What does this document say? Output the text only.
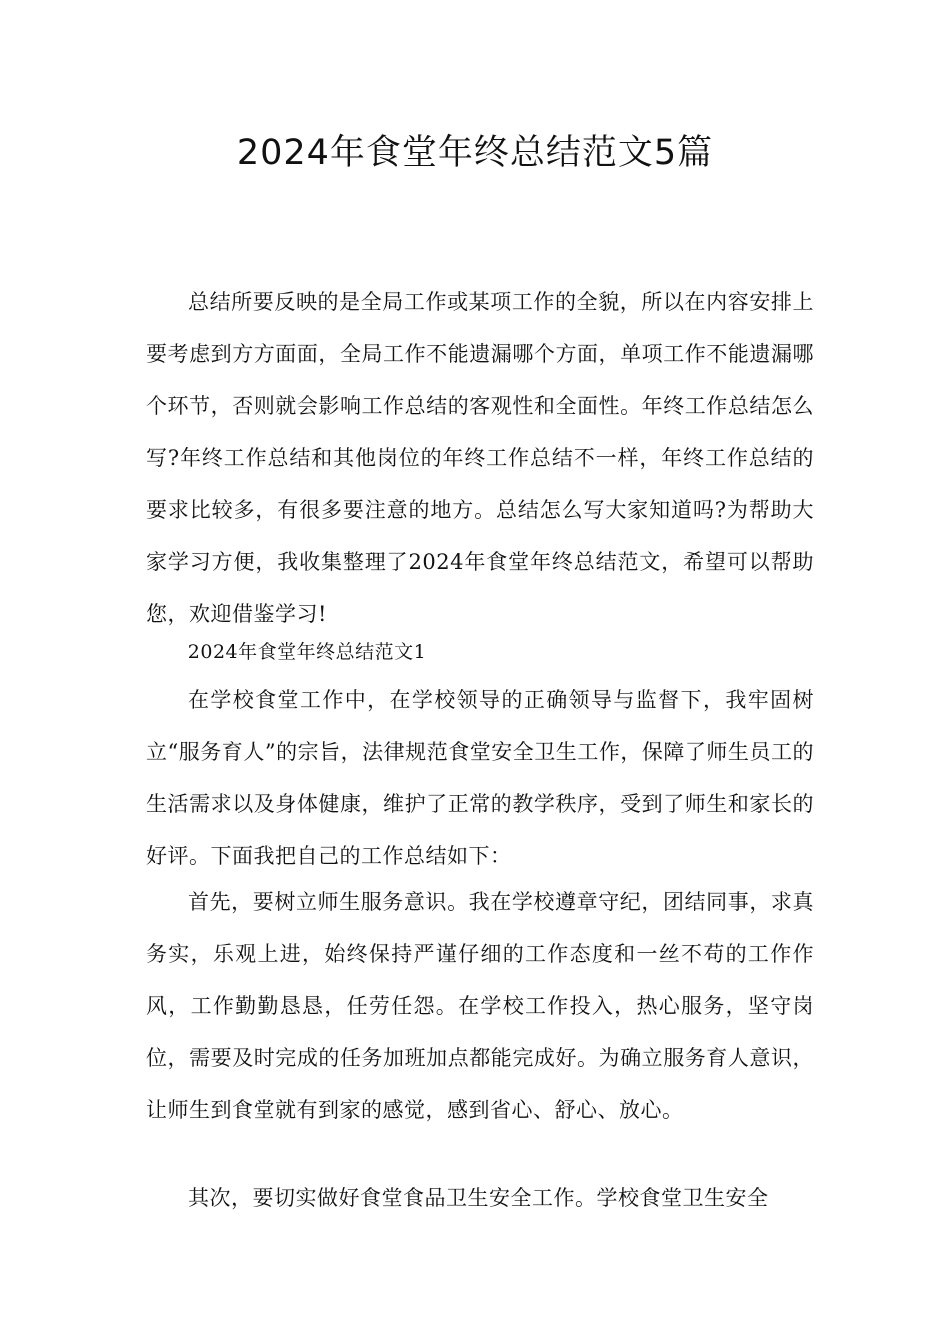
2024年食堂年终总结范文5篇

总结所要反映的是全局工作或某项工作的全貌，所以在内容安排上要考虑到方方面面，全局工作不能遗漏哪个方面，单项工作不能遗漏哪个环节，否则就会影响工作总结的客观性和全面性。年终工作总结怎么写?年终工作总结和其他岗位的年终工作总结不一样，年终工作总结的要求比较多，有很多要注意的地方。总结怎么写大家知道吗?为帮助大家学习方便，我收集整理了2024年食堂年终总结范文，希望可以帮助您，欢迎借鉴学习!

2024年食堂年终总结范文1

在学校食堂工作中，在学校领导的正确领导与监督下，我牢固树立“服务育人”的宗旨，法律规范食堂安全卫生工作，保障了师生员工的生活需求以及身体健康，维护了正常的教学秩序，受到了师生和家长的好评。下面我把自己的工作总结如下：

首先，要树立师生服务意识。我在学校遵章守纪，团结同事，求真务实，乐观上进，始终保持严谨仔细的工作态度和一丝不苟的工作作风，工作勤勤恳恳，任劳任怨。在学校工作投入，热心服务，坚守岗位，需要及时完成的任务加班加点都能完成好。为确立服务育人意识，让师生到食堂就有到家的感觉，感到省心、舒心、放心。

其次，要切实做好食堂食品卫生安全工作。学校食堂卫生安全
